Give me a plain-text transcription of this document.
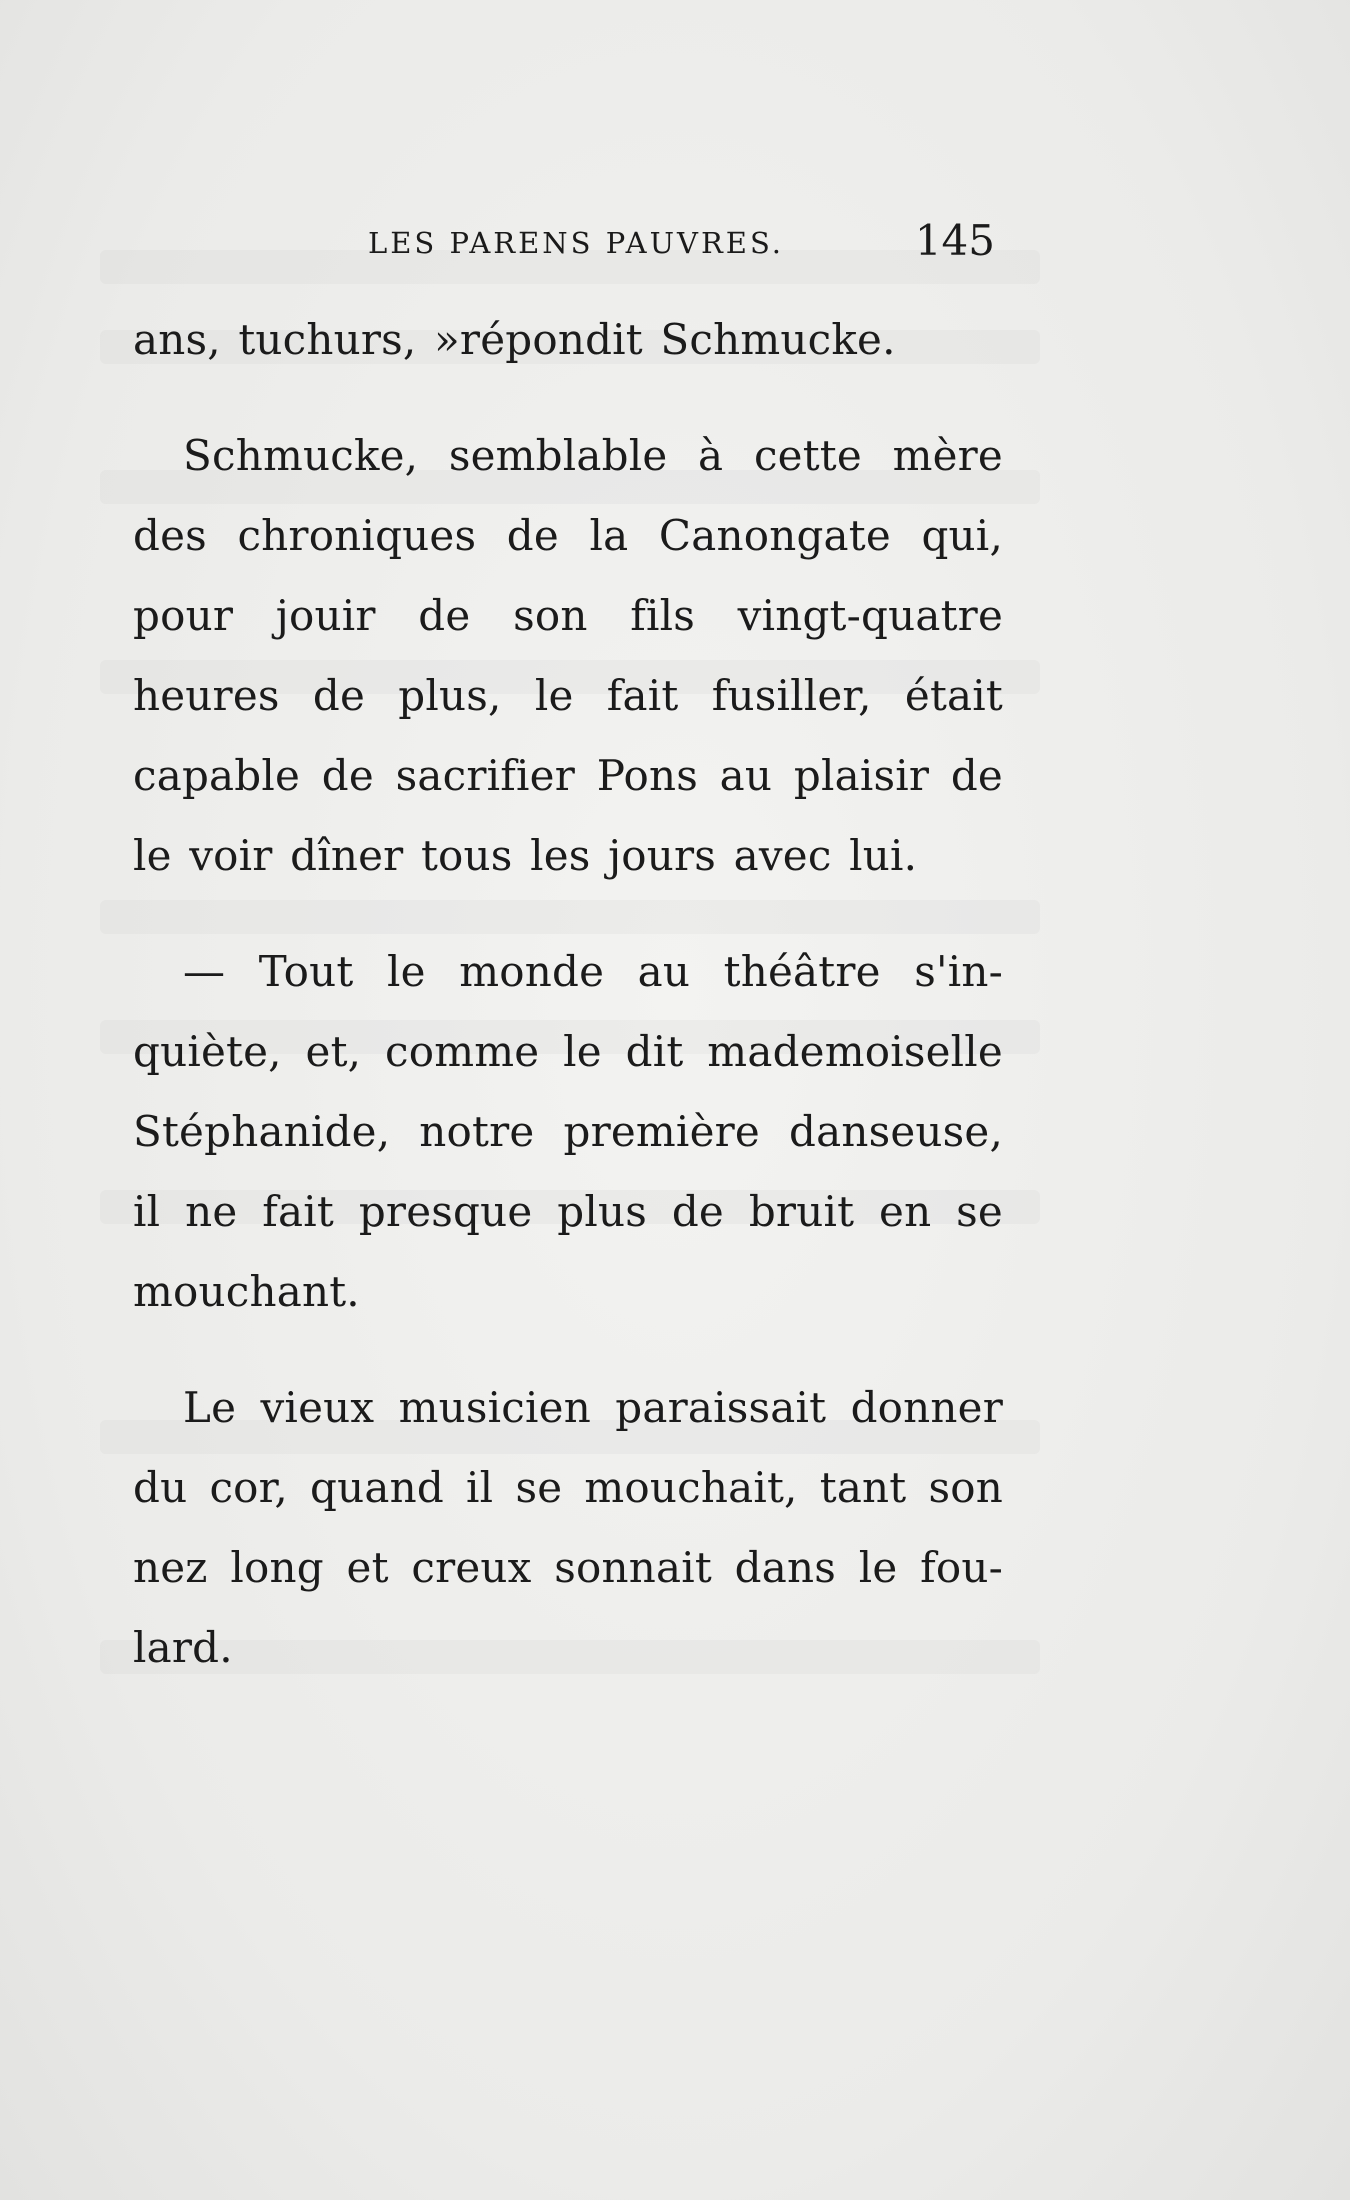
LES PARENS PAUVRES.	145
ans, tuchurs, »répondit Schmucke.
Schmucke, semblable à cette mère
des chroniques de la Canongate qui,
pour jouir de son fils vingt-quatre
heures de plus, le fait fusiller, était
capable de sacrifier Pons au plaisir de
le voir dîner tous les jours avec lui.
— Tout le monde au théâtre s'in-
quiète, et, comme le dit mademoiselle
Stéphanide, notre première danseuse,
il ne fait presque plus de bruit en se
mouchant.
Le vieux musicien paraissait donner
du cor, quand il se mouchait, tant son
nez long et creux sonnait dans le fou-
lard.
